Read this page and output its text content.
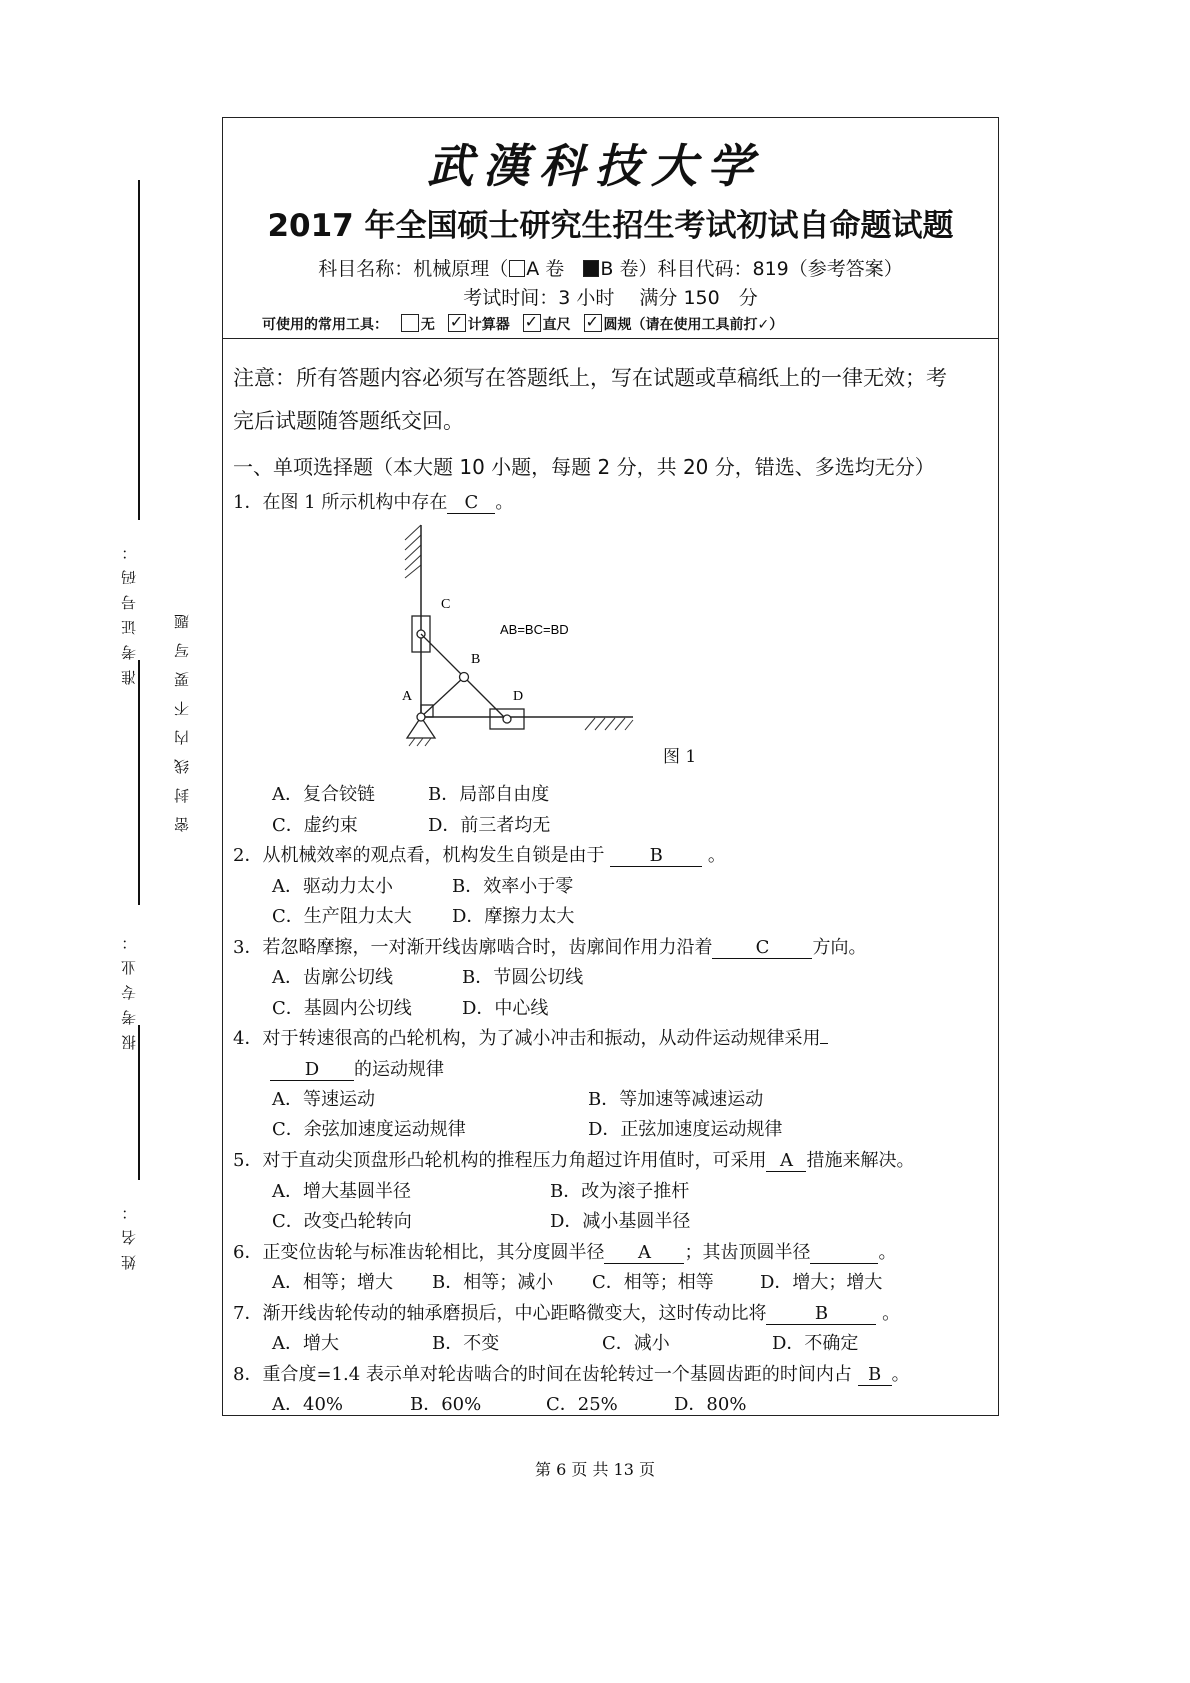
准考证号码：
报考专业：
姓名：
密封线内不要写题
武漢科技大学
2017 年全国硕士研究生招生考试初试自命题试题
科目名称：机械原理（ A 卷 B 卷）科目代码：819（参考答案）
考试时间：3 小时　 满分 150　分
可使用的常用工具： 无 ✓ 计算器 ✓ 直尺 ✓ 圆规（请在使用工具前打✓）
注意：所有答题内容必须写在答题纸上，写在试题或草稿纸上的一律无效；考
完后试题随答题纸交回。
一、单项选择题（本大题 10 小题，每题 2 分，共 20 分，错选、多选均无分）
1．在图 1 所示机构中存在 C 。
C
B
A	D
AB=BC=BD
图 1
A．复合铰链	B．局部自由度
C．虚约束	D．前三者均无
2．从机械效率的观点看，机构发生自锁是由于 B 。
A．驱动力太小	B．效率小于零
C．生产阻力太大 D．摩擦力太大
3．若忽略摩擦，一对渐开线齿廓啮合时，齿廓间作用力沿着 C 方向。
A．齿廓公切线	B．节圆公切线
C．基圆内公切线	D．中心线
4．对于转速很高的凸轮机构，为了减小冲击和振动，从动件运动规律采用
D 的运动规律
A．等速运动	B．等加速等减速运动
C．余弦加速度运动规律	D．正弦加速度运动规律
5．对于直动尖顶盘形凸轮机构的推程压力角超过许用值时，可采用 A 措施来解决。
A．增大基圆半径	B．改为滚子推杆
C．改变凸轮转向	D．减小基圆半径
6．正变位齿轮与标准齿轮相比，其分度圆半径 A ；其齿顶圆半径	。
A．相等；增大 B．相等；减小 C．相等；相等	D．增大；增大
7．渐开线齿轮传动的轴承磨损后，中心距略微变大，这时传动比将	B	。
A．增大	B．不变	C．减小	D．不确定
8．重合度=1.4 表示单对轮齿啮合的时间在齿轮转过一个基圆齿距的时间内占 B 。
A．40%	B．60%	C．25%	D．80%
第 6 页 共 13 页
